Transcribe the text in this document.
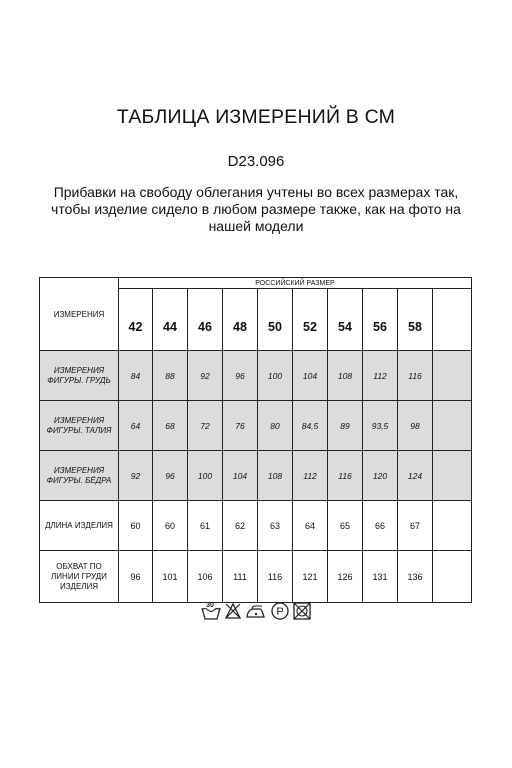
ТАБЛИЦА ИЗМЕРЕНИЙ В СМ
D23.096
Прибавки на свободу облегания учтены во всех размерах так, чтобы изделие сидело в любом размере также, как на фото на нашей модели
ИЗМЕРЕНИЯ	РОССИЙСКИЙ РАЗМЕР									
	42	44	46	48	50	52	54	56	58	

ИЗМЕРЕНИЯ
ФИГУРЫ. ГРУДЬ	84	88	92	96	100	104	108	112	116	

ИЗМЕРЕНИЯ
ФИГУРЫ. ТАЛИЯ	64	68	72	76	80	84,5	89	93,5	98	

ИЗМЕРЕНИЯ
ФИГУРЫ. БЁДРА	92	96	100	104	108	112	116	120	124	

ДЛИНА ИЗДЕЛИЯ	60	60	61	62	63	64	65	66	67	

ОБХВАТ ПО
ЛИНИИ ГРУДИ
ИЗДЕЛИЯ	96	101	106	111	116	121	126	131	136	
30
P
